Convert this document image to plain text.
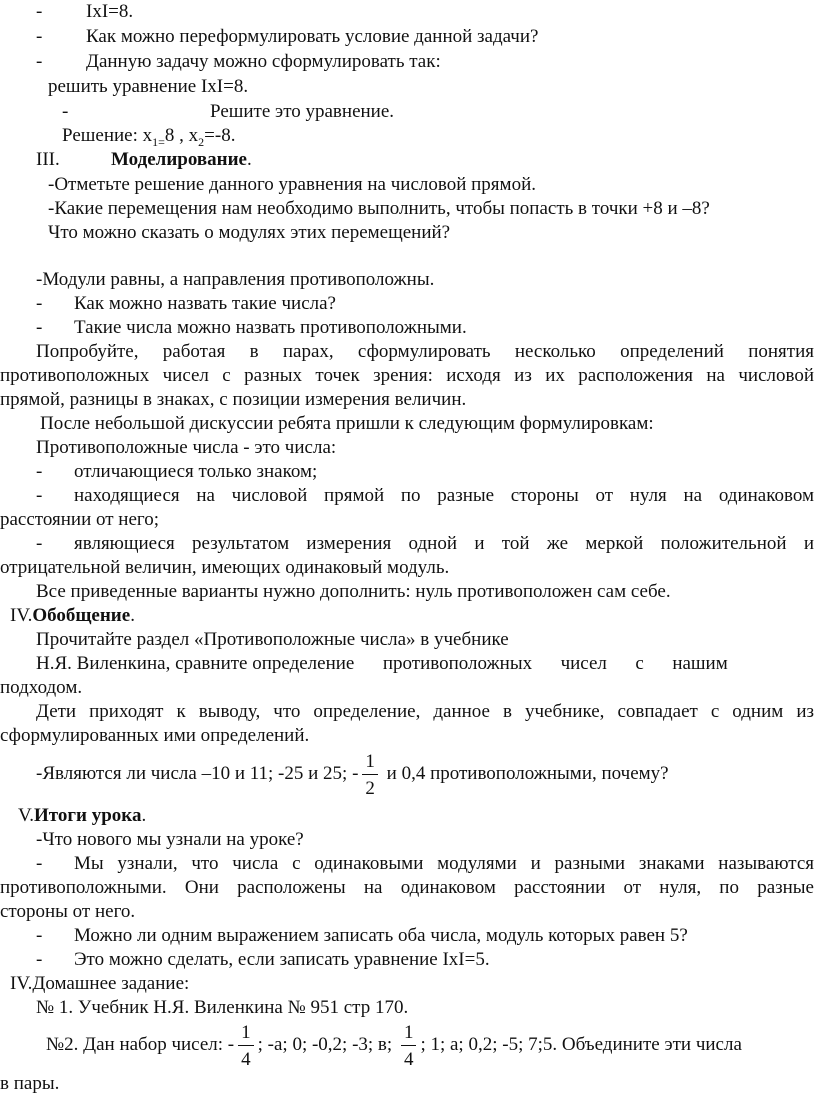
- IxI=8.
- Как можно переформулировать условие данной задачи?
- Данную задачу можно сформулировать так:
решить уравнение IxI=8.
-	Решите это уравнение.
Решение: $x_{1=}8$ , $x_2=-8$.
III.	Моделирование.
-Отметьте решение данного уравнения на числовой прямой.
-Какие перемещения нам необходимо выполнить, чтобы попасть в точки +8 и –8?
Что можно сказать о модулях этих перемещений?
-Модули равны, а направления противоположны.
- Как можно назвать такие числа?
- Такие числа можно назвать противоположными.
Попробуйте, работая в парах, сформулировать несколько определений понятия
противоположных чисел с разных точек зрения: исходя из их расположения на числовой
прямой, разницы в знаках, с позиции измерения величин.
После небольшой дискуссии ребята пришли к следующим формулировкам:
Противоположные числа - это числа:
- отличающиеся только знаком;
- находящиеся на числовой прямой по разные стороны от нуля на одинаковом
расстоянии от него;
- являющиеся результатом измерения одной и той же меркой положительной и
отрицательной величин, имеющих одинаковый модуль.
Все приведенные варианты нужно дополнить: нуль противоположен сам себе.
IV.Обобщение.
Прочитайте раздел «Противоположные числа» в учебнике
Н.Я. Виленкина, сравните определение      противоположных      чисел      с      нашим
подходом.
Дети приходят к выводу, что определение, данное в учебнике, совпадает с одним из
сформулированных ими определений.
-Являются ли числа –10 и 11; -25 и 25; - $\frac{1}{2}$ и 0,4 противоположными, почему?
V.Итоги урока.
-Что нового мы узнали на уроке?
- Мы узнали, что числа с одинаковыми модулями и разными знаками называются
противоположными. Они расположены на одинаковом расстоянии от нуля, по разные
стороны от него.
- Можно ли одним выражением записать оба числа, модуль которых равен 5?
- Это можно сделать, если записать уравнение IxI=5.
IV.Домашнее задание:
№ 1. Учебник Н.Я. Виленкина № 951 стр 170.
№2. Дан набор чисел: - $\frac{1}{4}$ ; -а; 0; -0,2; -3; в; $\frac{1}{4}$ ; 1; а; 0,2; -5; 7;5. Объедините эти числа
в пары.
